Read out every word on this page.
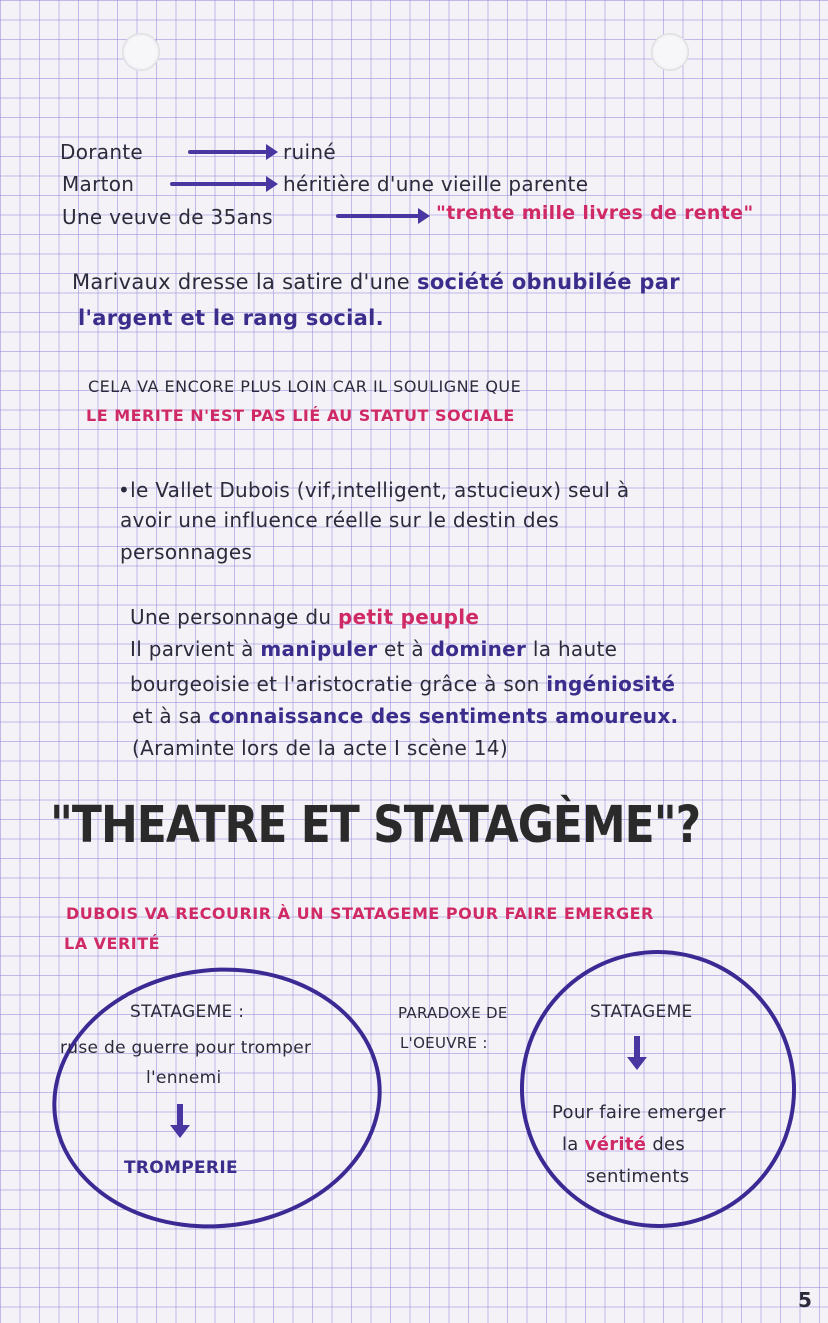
Dorante	ruiné
Marton	héritière d'une vieille parente
Une veuve de 35ans	"trente mille livres de rente"
Marivaux dresse la satire d'une société obnubilée par
l'argent et le rang social.
CELA VA ENCORE PLUS LOIN CAR IL SOULIGNE QUE
LE MERITE N'EST PAS LIÉ AU STATUT SOCIALE
•le Vallet Dubois (vif,intelligent, astucieux) seul à
avoir une influence réelle sur le destin des
personnages
Une personnage du petit peuple
Il parvient à manipuler et à dominer la haute
bourgeoisie et l'aristocratie grâce à son ingéniosité
et à sa connaissance des sentiments amoureux.
(Araminte lors de la acte I scène 14)
"THEATRE ET STATAGÈME"?
DUBOIS VA RECOURIR À UN STATAGEME POUR FAIRE EMERGER
LA VERITÉ
STATAGEME :
ruse de guerre pour tromper
l'ennemi
TROMPERIE
PARADOXE DE
L'OEUVRE :
STATAGEME
Pour faire emerger
la vérité des
sentiments
5
